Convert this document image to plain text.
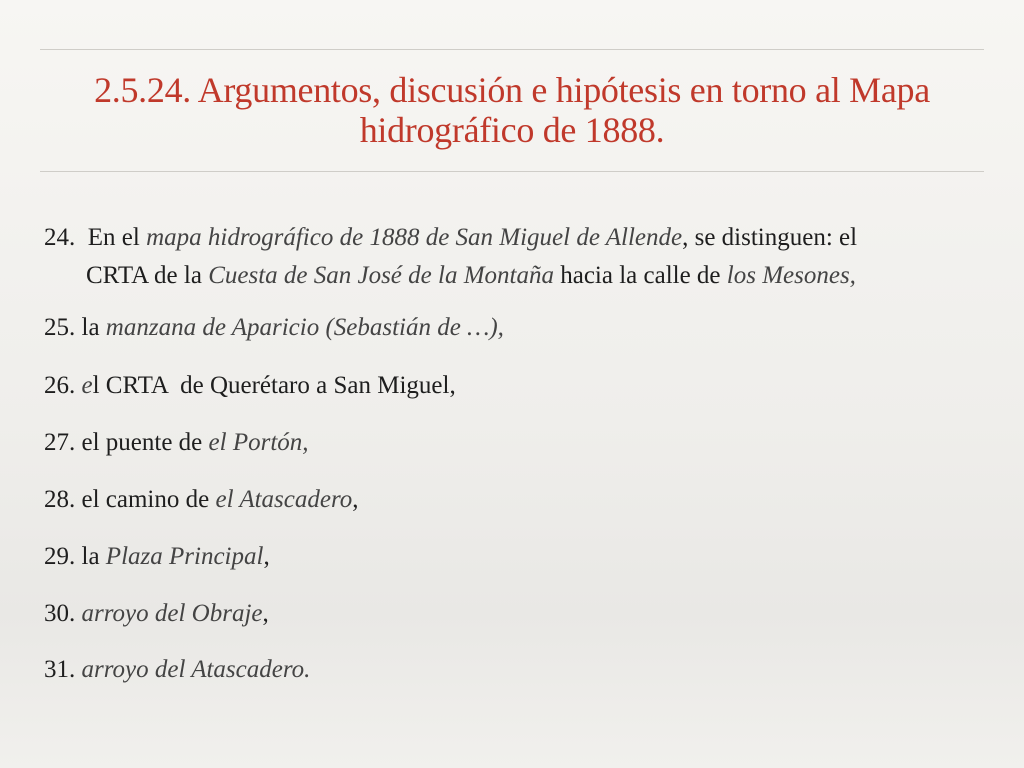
2.5.24. Argumentos, discusión e hipótesis en torno al Mapa
hidrográfico de 1888.
24.  En el mapa hidrográfico de 1888 de San Miguel de Allende, se distinguen: el
CRTA de la Cuesta de San José de la Montaña hacia la calle de los Mesones,
25. la manzana de Aparicio (Sebastián de …),
26. el CRTA  de Querétaro a San Miguel,
27. el puente de el Portón,
28. el camino de el Atascadero,
29. la Plaza Principal,
30. arroyo del Obraje,
31. arroyo del Atascadero.
